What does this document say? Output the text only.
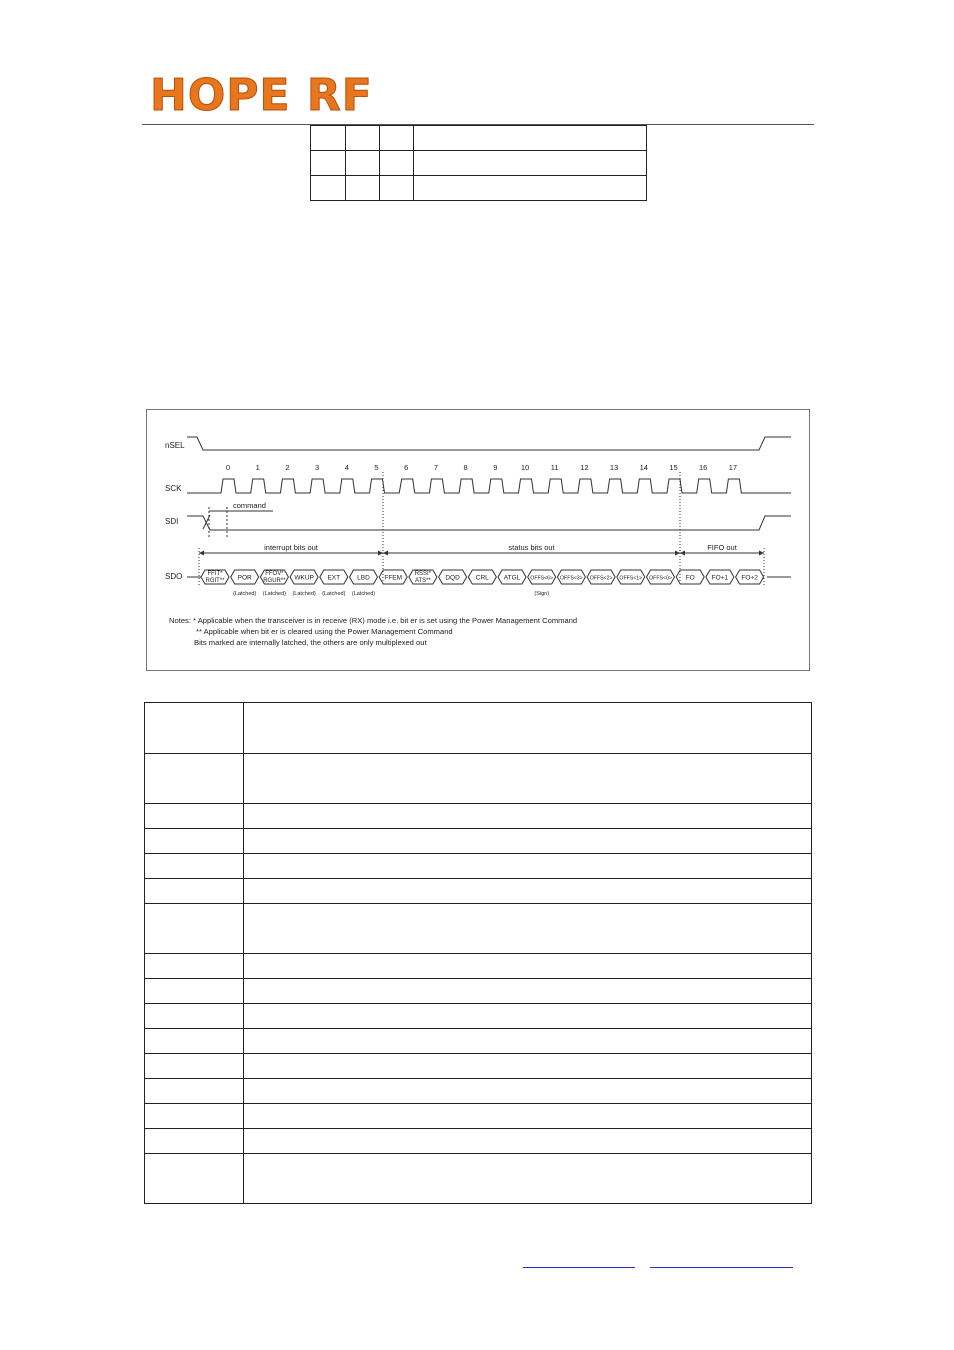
HOPE RF

nSEL
SCK
SDI
SDO
0	1	2	3	4	5	6	7	8	9	10	11	12	13	14	15	16	17
command
interrupt bits out	status bits out	FIFO out
FFIT*
RGIT** POR
(Latched)
FFOV*
RGUR**
(Latched)
WKUP
(Latched)
EXT
(Latched)
LBD
(Latched)
FFEM
RSSI*
ATS** DQD CRL ATGL OFFS<6>
(Sign)
OFFS<3> OFFS<2> OFFS<1> OFFS<0> FO	FO+1 FO+2
Notes: * Applicable when the transceiver is in receive (RX) mode i.e. bit er is set using the Power Management Command
** Applicable when bit er is cleared using the Power Management Command
Bits marked are internally latched, the others are only multiplexed out
